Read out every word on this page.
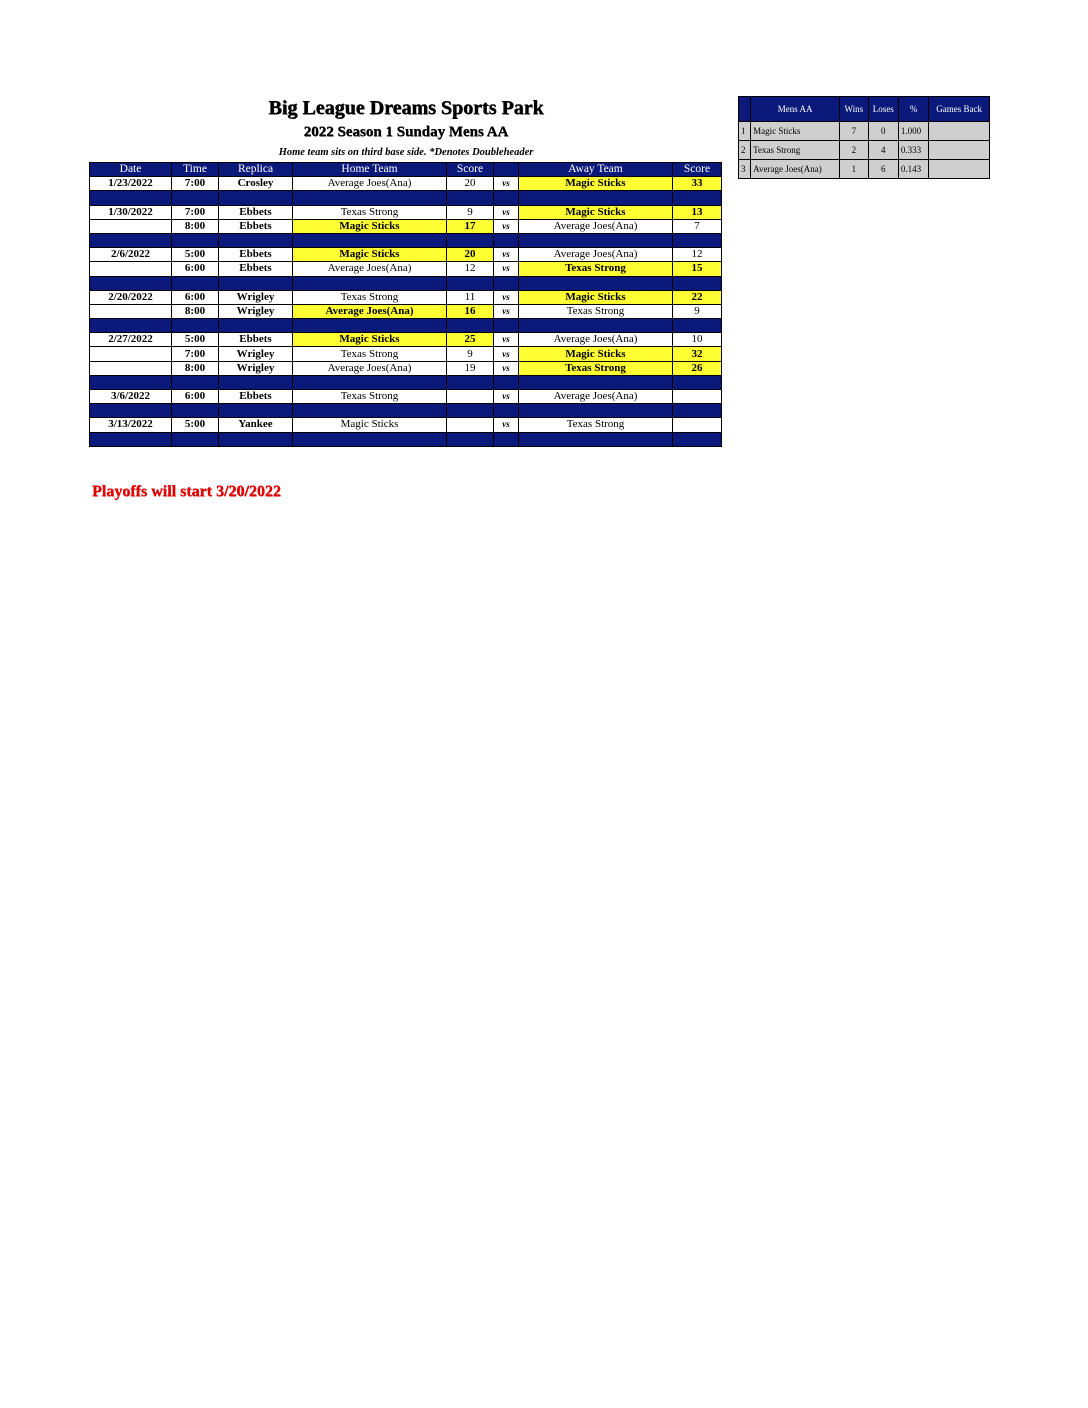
Big League Dreams Sports Park
2022 Season 1 Sunday Mens AA
Home team sits on third base side. *Denotes Doubleheader
Date	Time	Replica	Home Team	Score		Away Team	Score
1/23/2022	7:00	Crosley	Average Joes(Ana)	20	vs	Magic Sticks	33

1/30/2022	7:00	Ebbets	Texas Strong	9	vs	Magic Sticks	13
	8:00	Ebbets	Magic Sticks	17	vs	Average Joes(Ana)	7

2/6/2022	5:00	Ebbets	Magic Sticks	20	vs	Average Joes(Ana)	12
	6:00	Ebbets	Average Joes(Ana)	12	vs	Texas Strong	15

2/20/2022	6:00	Wrigley	Texas Strong	11	vs	Magic Sticks	22
	8:00	Wrigley	Average Joes(Ana)	16	vs	Texas Strong	9

2/27/2022	5:00	Ebbets	Magic Sticks	25	vs	Average Joes(Ana)	10
	7:00	Wrigley	Texas Strong	9	vs	Magic Sticks	32
	8:00	Wrigley	Average Joes(Ana)	19	vs	Texas Strong	26

3/6/2022	6:00	Ebbets	Texas Strong		vs	Average Joes(Ana)	

3/13/2022	5:00	Yankee	Magic Sticks		vs	Texas Strong	

	Mens AA	Wins	Loses	%	Games Back
1	Magic Sticks	7	0	1.000	
2	Texas Strong	2	4	0.333	
3	Average Joes(Ana)	1	6	0.143	
Playoffs will start 3/20/2022
